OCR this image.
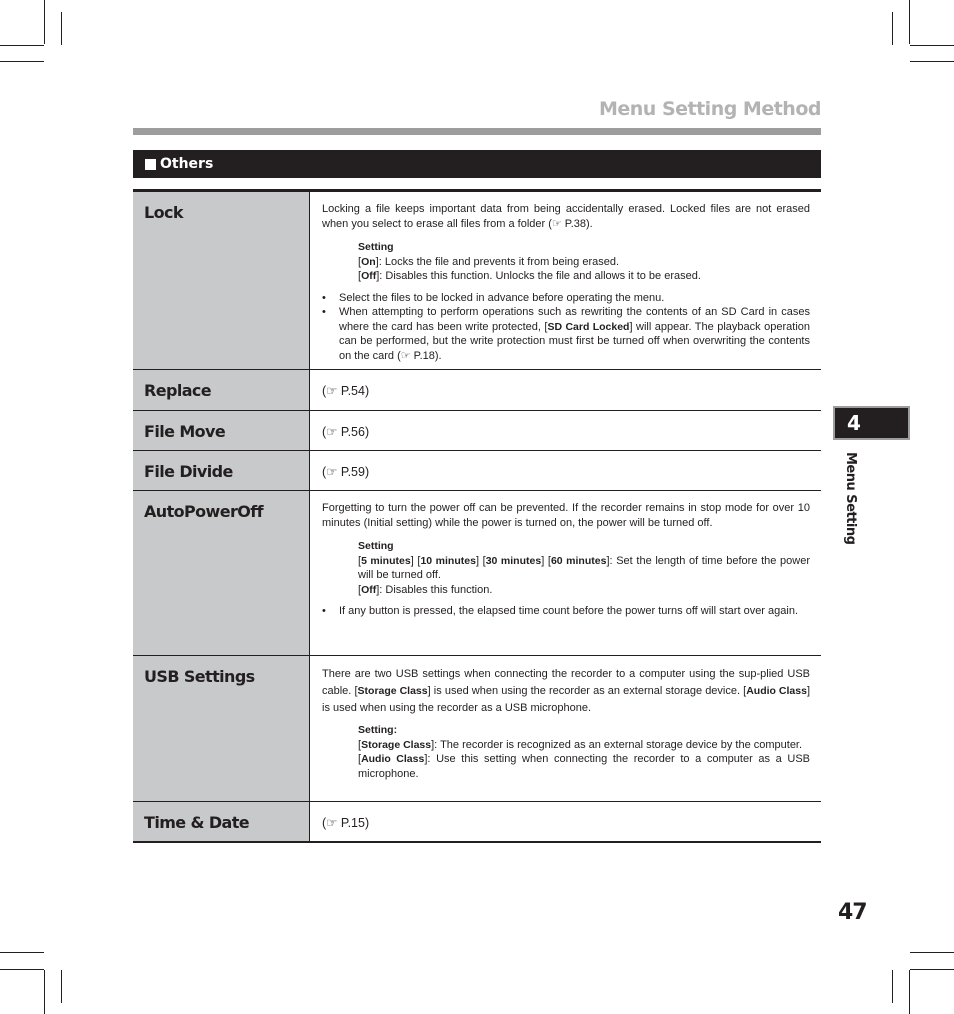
Menu Setting Method
Others
Lock	Locking a file keeps important data from being accidentally erased. Locked files are not erased when you select to erase all files from a folder (☞ P.38).

Setting
[On]: Locks the file and prevents it from being erased.
[Off]: Disables this function. Unlocks the file and allows it to be erased.
• Select the files to be locked in advance before operating the menu.
• When attempting to perform operations such as rewriting the contents of an SD Card in cases where the card has been write protected, [SD Card Locked] will appear. The playback operation can be performed, but the write protection must first be turned off when overwriting the contents on the card (☞ P.18).
Replace	(☞ P.54)
File Move	(☞ P.56)
File Divide	(☞ P.59)
AutoPowerOff	Forgetting to turn the power off can be prevented. If the recorder remains in stop mode for over 10 minutes (Initial setting) while the power is turned on, the power will be turned off.

Setting
[5 minutes] [10 minutes] [30 minutes] [60 minutes]: Set the length of time before the power will be turned off.
[Off]: Disables this function.
• If any button is pressed, the elapsed time count before the power turns off will start over again.
USB Settings	There are two USB settings when connecting the recorder to a computer using the sup-plied USB cable. [Storage Class] is used when using the recorder as an external storage device. [Audio Class] is used when using the recorder as a USB microphone.

Setting:
[Storage Class]: The recorder is recognized as an external storage device by the computer.
[Audio Class]: Use this setting when connecting the recorder to a computer as a USB microphone.
Time & Date	(☞ P.15)
4
Menu Setting
47
